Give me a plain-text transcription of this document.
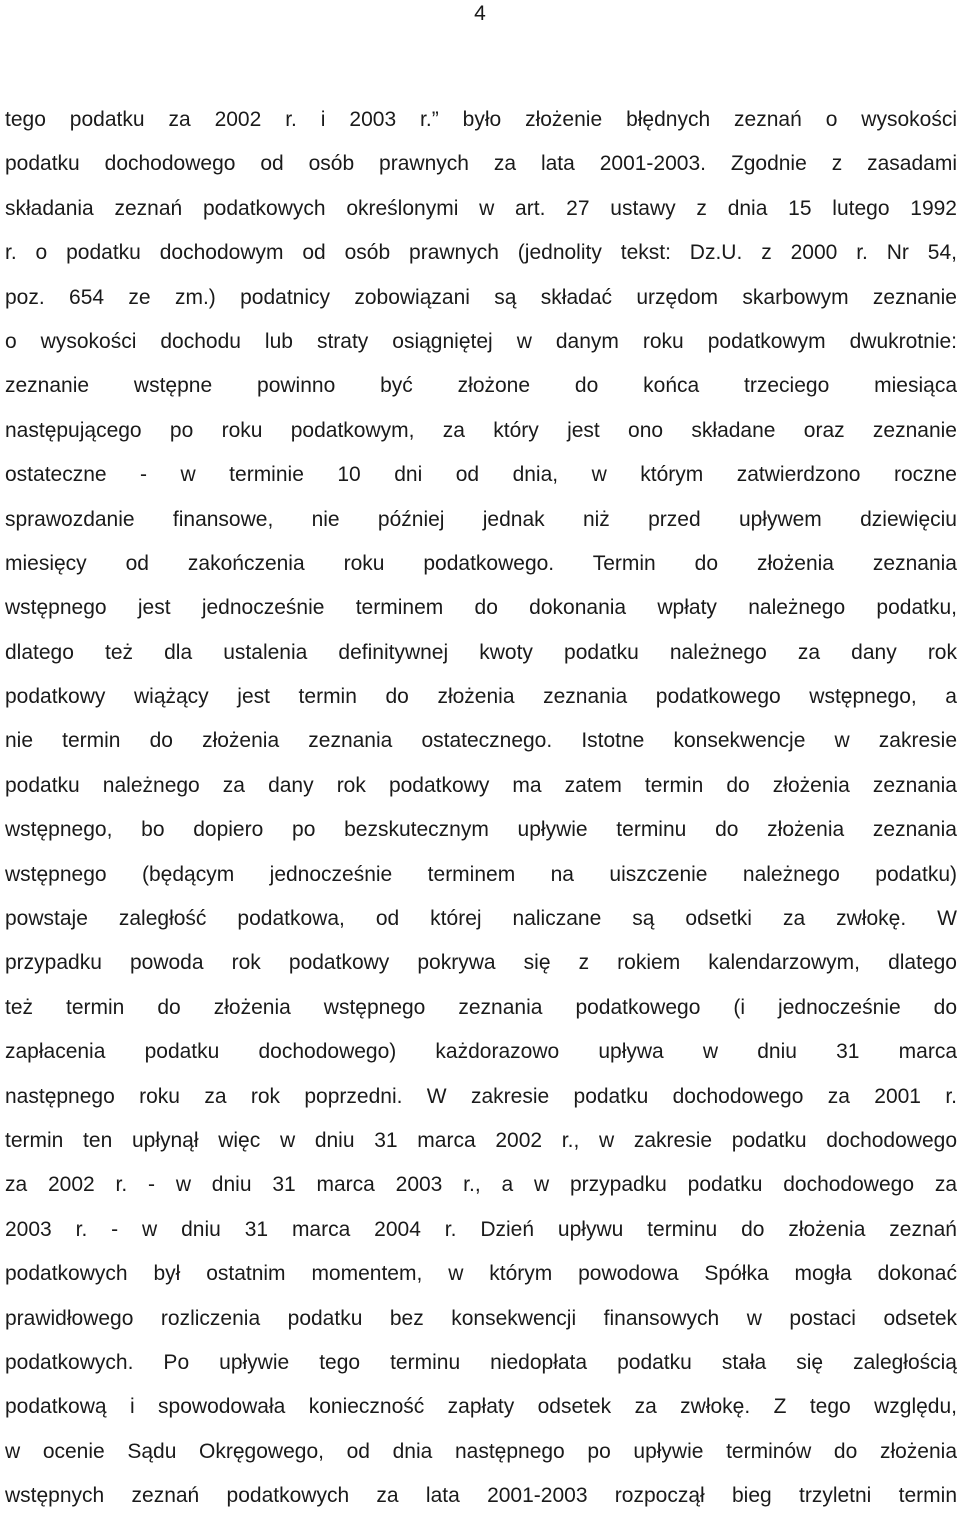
4
tego podatku za 2002 r. i 2003 r.” było złożenie błędnych zeznań o wysokości
podatku dochodowego od osób prawnych za lata 2001-2003. Zgodnie z zasadami
składania zeznań podatkowych określonymi w art. 27 ustawy z dnia 15 lutego 1992
r. o podatku dochodowym od osób prawnych (jednolity tekst: Dz.U. z 2000 r. Nr 54,
poz. 654 ze zm.) podatnicy zobowiązani są składać urzędom skarbowym zeznanie
o wysokości dochodu lub straty osiągniętej w danym roku podatkowym dwukrotnie:
zeznanie wstępne powinno być złożone do końca trzeciego miesiąca
następującego po roku podatkowym, za który jest ono składane oraz zeznanie
ostateczne - w terminie 10 dni od dnia, w którym zatwierdzono roczne
sprawozdanie finansowe, nie później jednak niż przed upływem dziewięciu
miesięcy od zakończenia roku podatkowego. Termin do złożenia zeznania
wstępnego jest jednocześnie terminem do dokonania wpłaty należnego podatku,
dlatego też dla ustalenia definitywnej kwoty podatku należnego za dany rok
podatkowy wiążący jest termin do złożenia zeznania podatkowego wstępnego, a
nie termin do złożenia zeznania ostatecznego. Istotne konsekwencje w zakresie
podatku należnego za dany rok podatkowy ma zatem termin do złożenia zeznania
wstępnego, bo dopiero po bezskutecznym upływie terminu do złożenia zeznania
wstępnego (będącym jednocześnie terminem na uiszczenie należnego podatku)
powstaje zaległość podatkowa, od której naliczane są odsetki za zwłokę. W
przypadku powoda rok podatkowy pokrywa się z rokiem kalendarzowym, dlatego
też termin do złożenia wstępnego zeznania podatkowego (i jednocześnie do
zapłacenia podatku dochodowego) każdorazowo upływa w dniu 31 marca
następnego roku za rok poprzedni. W zakresie podatku dochodowego za 2001 r.
termin ten upłynął więc w dniu 31 marca 2002 r., w zakresie podatku dochodowego
za 2002 r. - w dniu 31 marca 2003 r., a w przypadku podatku dochodowego za
2003 r. - w dniu 31 marca 2004 r. Dzień upływu terminu do złożenia zeznań
podatkowych był ostatnim momentem, w którym powodowa Spółka mogła dokonać
prawidłowego rozliczenia podatku bez konsekwencji finansowych w postaci odsetek
podatkowych. Po upływie tego terminu niedopłata podatku stała się zaległością
podatkową i spowodowała konieczność zapłaty odsetek za zwłokę. Z tego względu,
w ocenie Sądu Okręgowego, od dnia następnego po upływie terminów do złożenia
wstępnych zeznań podatkowych za lata 2001-2003 rozpoczął bieg trzyletni termin
